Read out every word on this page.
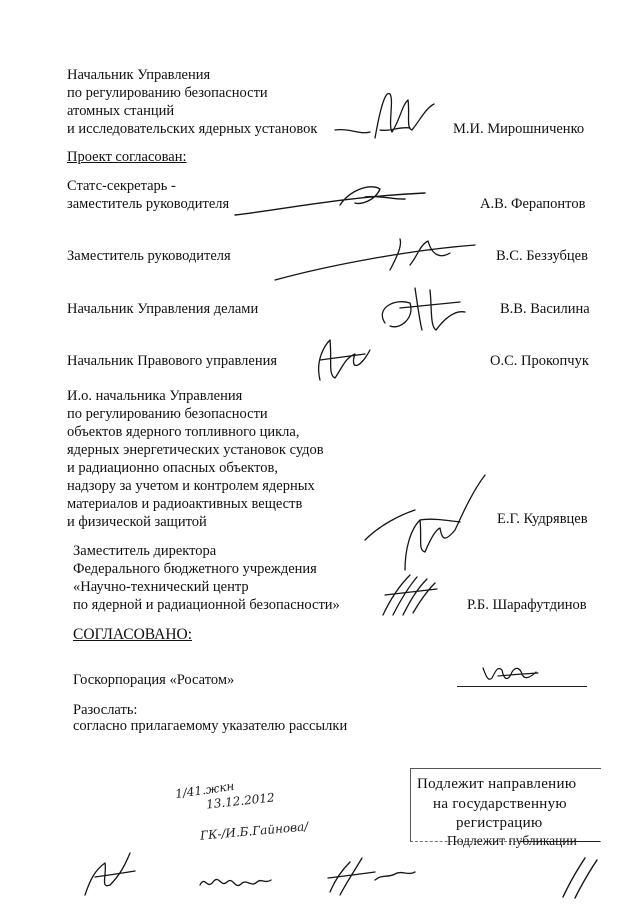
Начальник Управления
по регулированию безопасности
атомных станций
и исследовательских ядерных установок	М.И. Мирошниченко
Проект согласован:
Статс-секретарь -
заместитель руководителя	А.В. Ферапонтов
Заместитель руководителя	В.С. Беззубцев
Начальник Управления делами	В.В. Василина
Начальник Правового управления	О.С. Прокопчук
И.о. начальника Управления
по регулированию безопасности
объектов ядерного топливного цикла,
ядерных энергетических установок судов
и радиационно опасных объектов,
надзору за учетом и контролем ядерных
материалов и радиоактивных веществ
и физической защитой	Е.Г. Кудрявцев
Заместитель директора
Федерального бюджетного учреждения
«Научно-технический центр
по ядерной и радиационной безопасности»	Р.Б. Шарафутдинов
СОГЛАСОВАНО:
Госкорпорация «Росатом»
Разослать:
согласно прилагаемому указателю рассылки
Подлежит направлению
на государственную
регистрацию
Подлежит публикации
1/41.жкн
13.12.2012
ГК-/И.Б.Гайнова/
